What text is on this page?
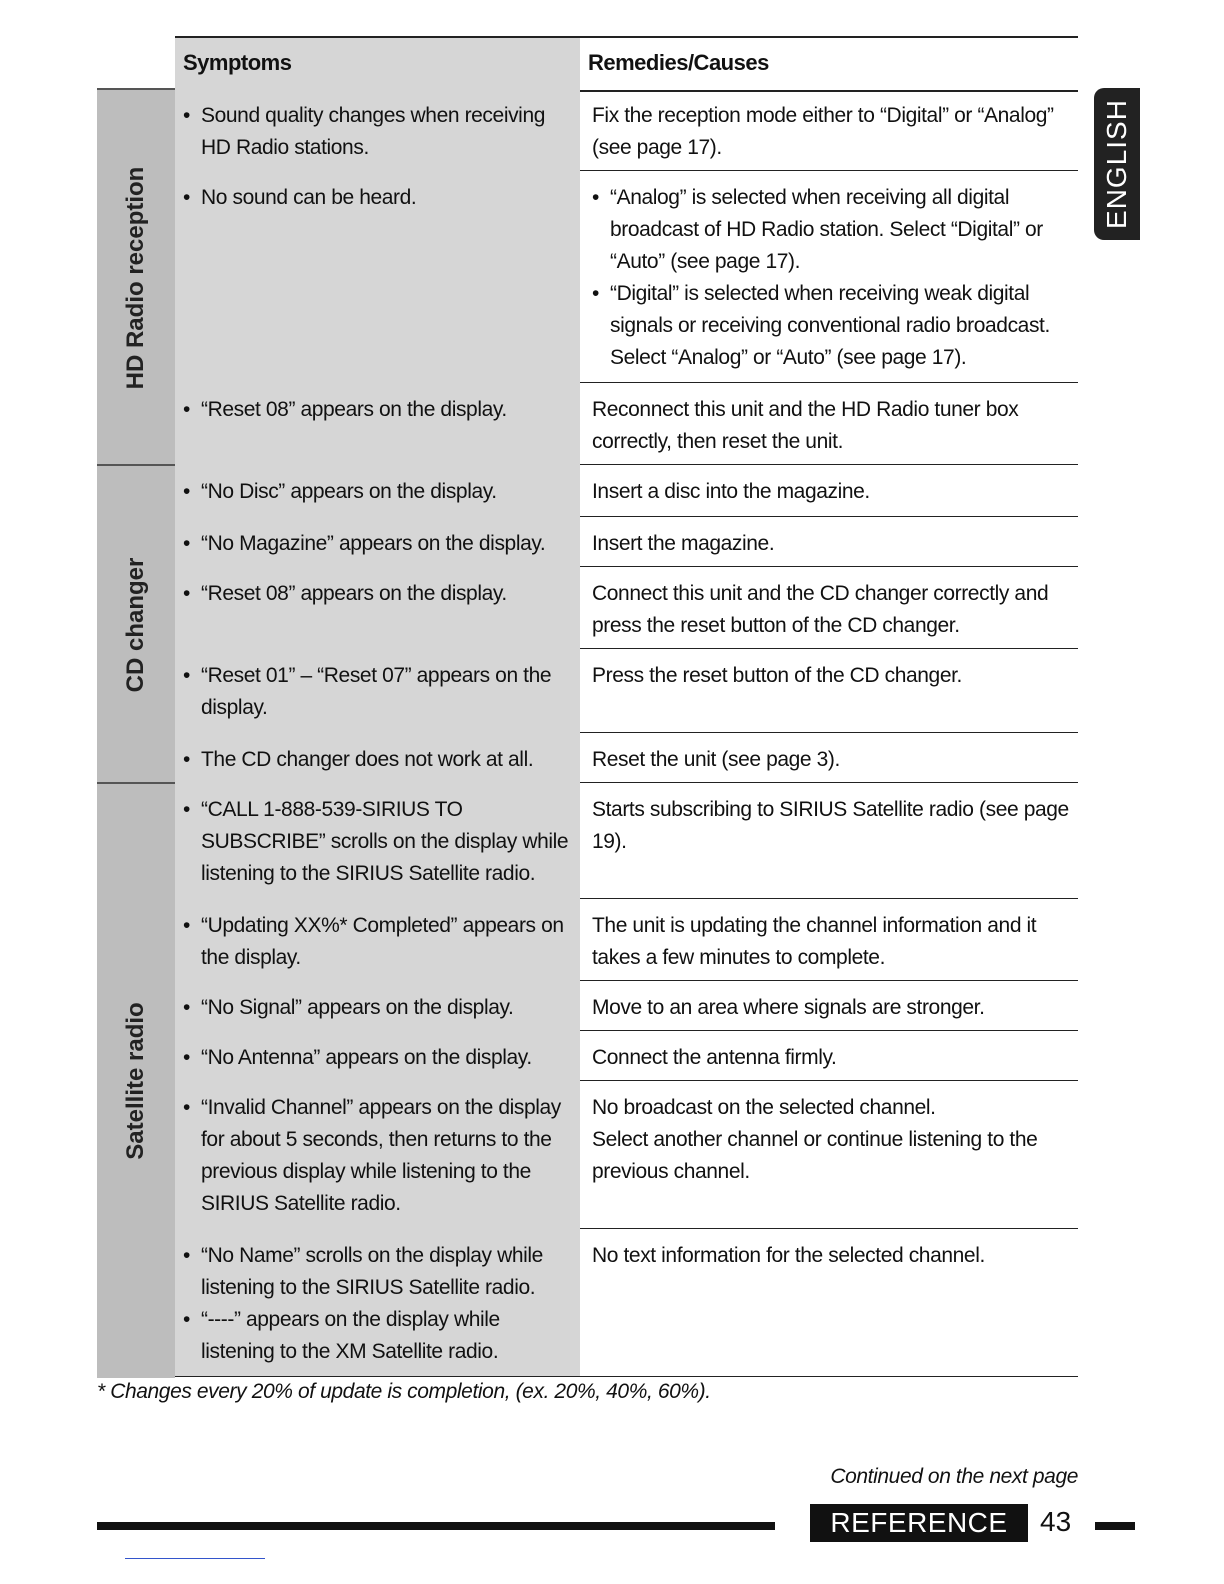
Symptoms	Remedies/Causes
HD Radio reception
CD changer
Satellite radio
• Sound quality changes when receiving HD Radio stations.

Fix the reception mode either to “Digital” or “Analog” (see page 17).

• No sound can be heard.
•	“Analog” is selected when receiving all digital broadcast of HD Radio station. Select “Digital” or “Auto” (see page 17).
• “Digital” is selected when receiving weak digital signals or receiving conventional radio broadcast. Select “Analog” or “Auto” (see page 17).
• “Reset 08” appears on the display.	Reconnect this unit and the HD Radio tuner box correctly, then reset the unit.

• “No Disc” appears on the display.	Insert a disc into the magazine.

• “No Magazine” appears on the display.	Insert the magazine.

• “Reset 08” appears on the display.	Connect this unit and the CD changer correctly and press the reset button of the CD changer.

• “Reset 01” – “Reset 07” appears on the display.

Press the reset button of the CD changer.

• The CD changer does not work at all.	Reset the unit (see page 3).

• “CALL 1-888-539-SIRIUS TO SUBSCRIBE” scrolls on the display while listening to the SIRIUS Satellite radio.

Starts subscribing to SIRIUS Satellite radio (see page 19).

• “Updating XX%* Completed” appears on the display.

The unit is updating the channel information and it takes a few minutes to complete.

• “No Signal” appears on the display.	Move to an area where signals are stronger.

• “No Antenna” appears on the display.	Connect the antenna firmly.

• “Invalid Channel” appears on the display for about 5 seconds, then returns to the previous display while listening to the SIRIUS Satellite radio.

No broadcast on the selected channel.
Select another channel or continue listening to the previous channel.

• “No Name” scrolls on the display while listening to the SIRIUS Satellite radio.
• “----” appears on the display while listening to the XM Satellite radio.

No text information for the selected channel.

ENGLISH
* Changes every 20% of update is completion, (ex. 20%, 40%, 60%).
Continued on the next page
REFERENCE	43
